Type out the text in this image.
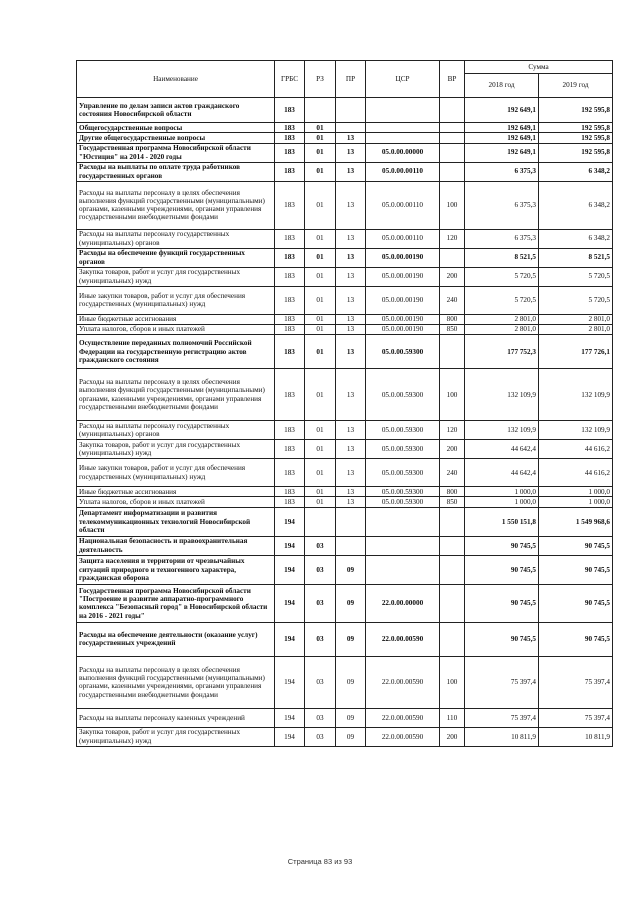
Наименование	ГРБС	РЗ	ПР	ЦСР	ВР	Сумма	
						2018 год	2019 год
Управление по делам записи актов гражданского состояния Новосибирской области	183					192 649,1	192 595,8
Общегосударственные вопросы	183	01				192 649,1	192 595,8
Другие общегосударственные вопросы	183	01	13			192 649,1	192 595,8
Государственная программа Новосибирской области "Юстиция" на 2014 - 2020 годы	183	01	13	05.0.00.00000		192 649,1	192 595,8
Расходы на выплаты по оплате труда работников государственных органов	183	01	13	05.0.00.00110		6 375,3	6 348,2
Расходы на выплаты персоналу в целях обеспечения выполнения функций государственными (муниципальными) органами, казенными учреждениями, органами управления государственными внебюджетными фондами	183	01	13	05.0.00.00110	100	6 375,3	6 348,2
Расходы на выплаты персоналу государственных (муниципальных) органов	183	01	13	05.0.00.00110	120	6 375,3	6 348,2
Расходы на обеспечение функций государственных органов	183	01	13	05.0.00.00190		8 521,5	8 521,5
Закупка товаров, работ и услуг для государственных (муниципальных) нужд	183	01	13	05.0.00.00190	200	5 720,5	5 720,5
Иные закупки товаров, работ и услуг для обеспечения государственных (муниципальных) нужд	183	01	13	05.0.00.00190	240	5 720,5	5 720,5
Иные бюджетные ассигнования	183	01	13	05.0.00.00190	800	2 801,0	2 801,0
Уплата налогов, сборов и иных платежей	183	01	13	05.0.00.00190	850	2 801,0	2 801,0
Осуществление переданных полномочий Российской Федерации на государственную регистрацию актов гражданского состояния	183	01	13	05.0.00.59300		177 752,3	177 726,1
Расходы на выплаты персоналу в целях обеспечения выполнения функций государственными (муниципальными) органами, казенными учреждениями, органами управления государственными внебюджетными фондами	183	01	13	05.0.00.59300	100	132 109,9	132 109,9
Расходы на выплаты персоналу государственных (муниципальных) органов	183	01	13	05.0.00.59300	120	132 109,9	132 109,9
Закупка товаров, работ и услуг для государственных (муниципальных) нужд	183	01	13	05.0.00.59300	200	44 642,4	44 616,2
Иные закупки товаров, работ и услуг для обеспечения государственных (муниципальных) нужд	183	01	13	05.0.00.59300	240	44 642,4	44 616,2
Иные бюджетные ассигнования	183	01	13	05.0.00.59300	800	1 000,0	1 000,0
Уплата налогов, сборов и иных платежей	183	01	13	05.0.00.59300	850	1 000,0	1 000,0
Департамент информатизации и развития телекоммуникационных технологий Новосибирской области	194					1 550 151,8	1 549 968,6
Национальная безопасность и правоохранительная деятельность	194	03				90 745,5	90 745,5
Защита населения и территории от чрезвычайных ситуаций природного и техногенного характера, гражданская оборона	194	03	09			90 745,5	90 745,5
Государственная программа Новосибирской области "Построение и развитие аппаратно-программного комплекса "Безопасный город" в Новосибирской области на 2016 - 2021 годы"	194	03	09	22.0.00.00000		90 745,5	90 745,5
Расходы на обеспечение деятельности (оказание услуг) государственных учреждений	194	03	09	22.0.00.00590		90 745,5	90 745,5
Расходы на выплаты персоналу в целях обеспечения выполнения функций государственными (муниципальными) органами, казенными учреждениями, органами управления государственными внебюджетными фондами	194	03	09	22.0.00.00590	100	75 397,4	75 397,4
Расходы на выплаты персоналу казенных учреждений	194	03	09	22.0.00.00590	110	75 397,4	75 397,4
Закупка товаров, работ и услуг для государственных (муниципальных) нужд	194	03	09	22.0.00.00590	200	10 811,9	10 811,9
Страница 83 из 93
